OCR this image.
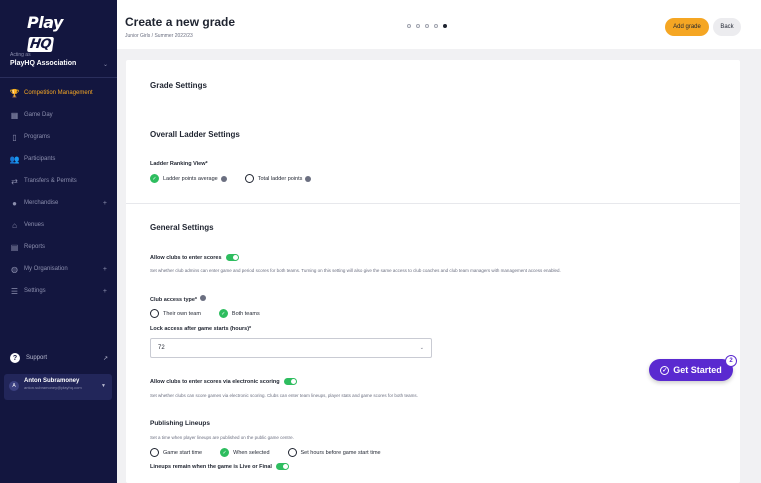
PlayHQ
Acting as
PlayHQ Association	⌄
🏆 Competition Management
▦ Game Day
▯	Programs
👥 Participants
⇄ Transfers & Permits
●	Merchandise	+
⌂	Venues
▤ Reports
◍ My Organisation	+
☰ Settings	+
?	Support	↗
A
Anton Subramoney
anton.subramoney@playhq.com	▼
Create a new grade
Junior Girls / Summer 2022/23
Add grade	Back
Grade Settings
Overall Ladder Settings
Ladder Ranking View*
✓	Ladder points average	Total ladder points
General Settings
Allow clubs to enter scores
Set whether club admins can enter game and period scores for both teams. Turning on this setting will also give the same access to club coaches and club team managers with management access enabled.
Club access type*
Their own team	✓	Both teams
Lock access after game starts (hours)*
72	⌄
Allow clubs to enter scores via electronic scoring
Set whether clubs can score games via electronic scoring. Clubs can enter team lineups, player stats and game scores for both teams.
Publishing Lineups
Set a time when player lineups are published on the public game centre.
Game start time	✓	When selected	Set hours before game start time
Lineups remain when the game is Live or Final
✓ Get Started
2
